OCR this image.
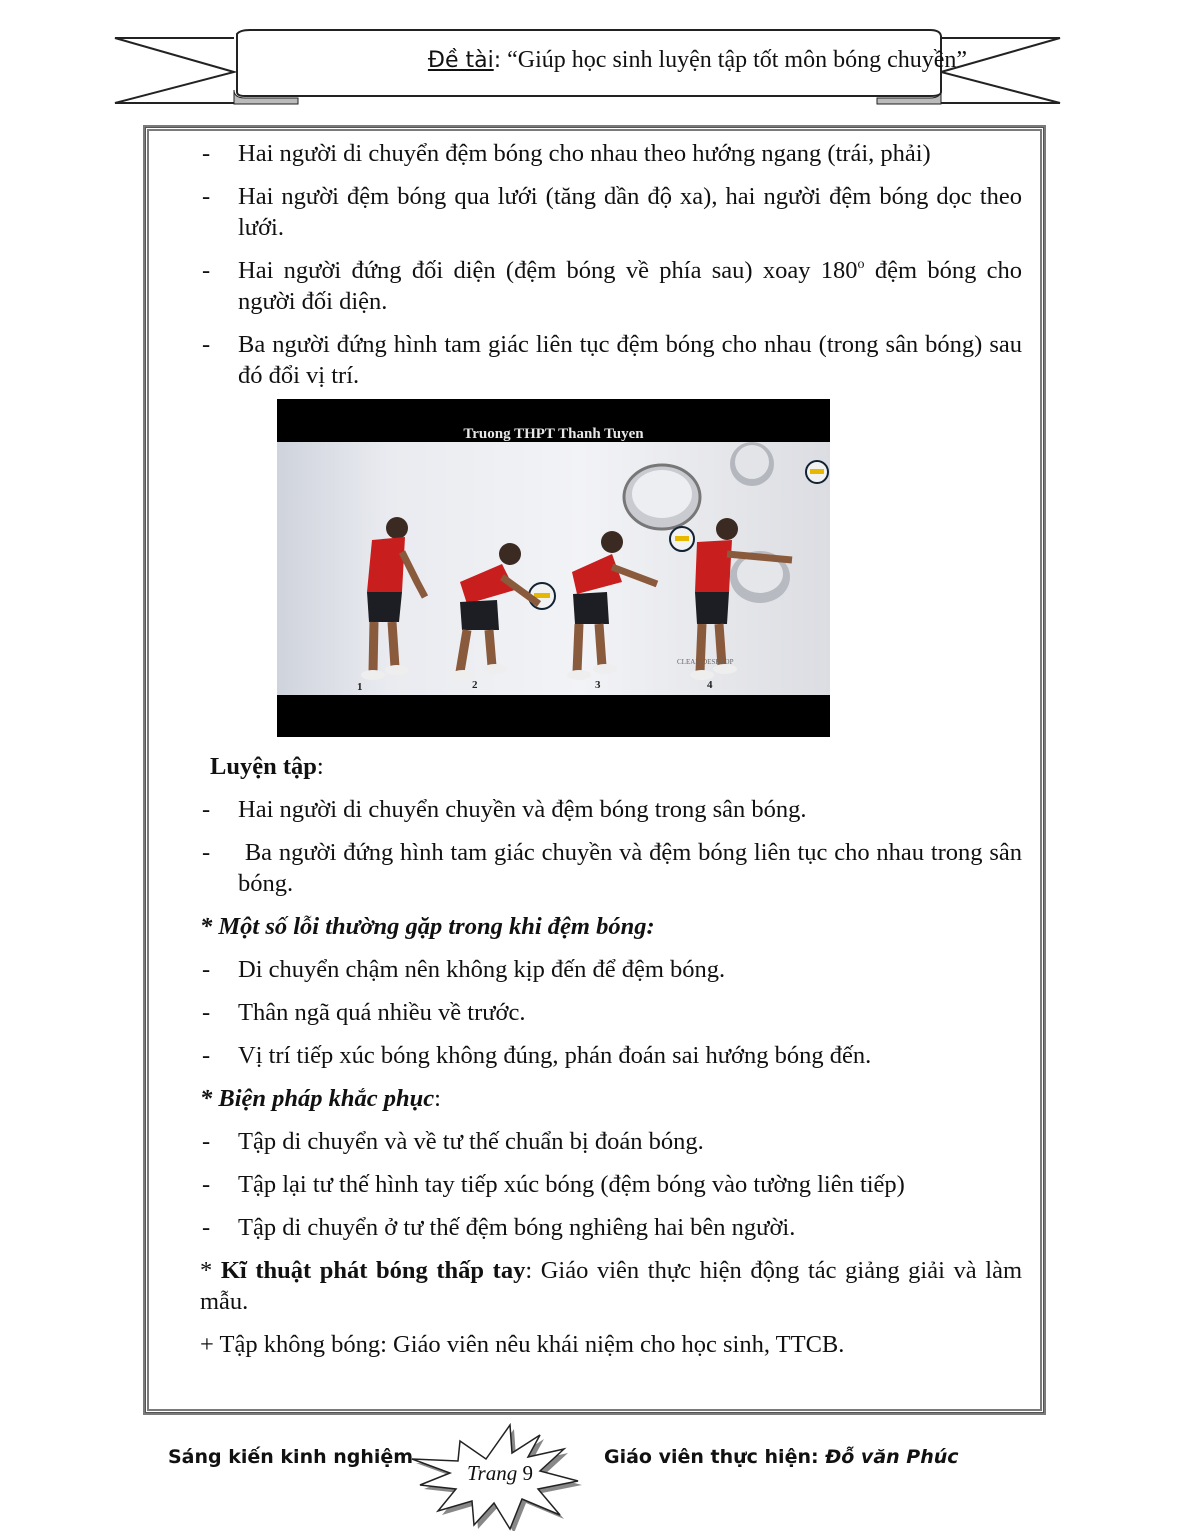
Đề tài: “Giúp học sinh luyện tập tốt môn bóng chuyền”
- Hai người di chuyển đệm bóng cho nhau theo hướng ngang (trái, phải)
- Hai người đệm bóng qua lưới (tăng dần độ xa), hai người đệm bóng dọc theo lưới.
- Hai người đứng đối diện (đệm bóng về phía sau) xoay 180$^o$ đệm bóng cho người đối diện.
- Ba người đứng hình tam giác liên tục đệm bóng cho nhau (trong sân bóng) sau đó đổi vị trí.
Truong THPT Thanh Tuyen
1	2	3	4
CLEAN DESKTOP
Luyện tập:
- Hai người di chuyển chuyền và đệm bóng trong sân bóng.
- Ba người đứng hình tam giác chuyền và đệm bóng liên tục cho nhau trong sân bóng.
* Một số lỗi thường gặp trong khi đệm bóng:
- Di chuyển chậm nên không kịp đến để đệm bóng.
- Thân ngã quá nhiều về trước.
- Vị trí tiếp xúc bóng không đúng, phán đoán sai hướng bóng đến.
* Biện pháp khắc phục:
- Tập di chuyển và về tư thế chuẩn bị đoán bóng.
- Tập lại tư thế hình tay tiếp xúc bóng (đệm bóng vào tường liên tiếp)
- Tập di chuyển ở tư thế đệm bóng nghiêng hai bên người.
* Kĩ thuật phát bóng thấp tay: Giáo viên thực hiện động tác giảng giải và làm mẫu.
+ Tập không bóng: Giáo viên nêu khái niệm cho học sinh, TTCB.
Sáng kiến kinh nghiệm
Trang 9
Giáo viên thực hiện: Đỗ văn Phúc
